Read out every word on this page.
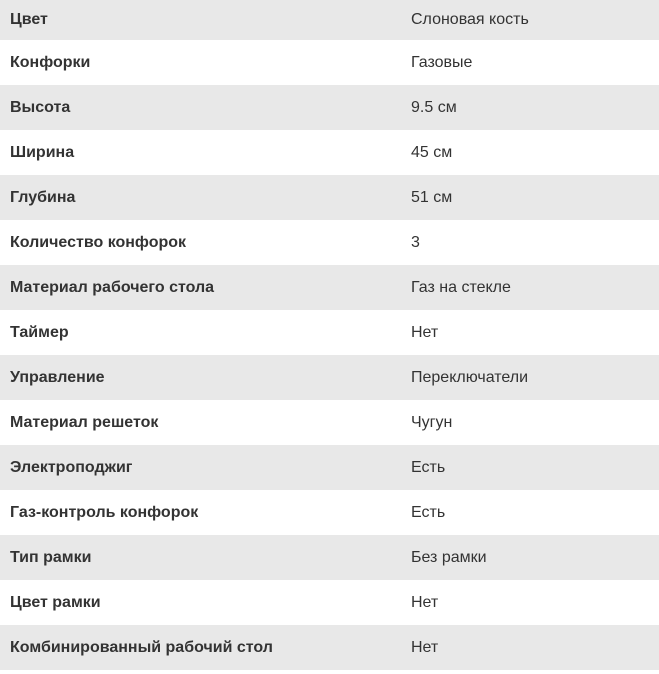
Цвет	Слоновая кость
Конфорки	Газовые
Высота	9.5 см
Ширина	45 см
Глубина	51 см
Количество конфорок	3
Материал рабочего стола	Газ на стекле
Таймер	Нет
Управление	Переключатели
Материал решеток	Чугун
Электроподжиг	Есть
Газ-контроль конфорок	Есть
Тип рамки	Без рамки
Цвет рамки	Нет
Комбинированный рабочий стол	Нет
